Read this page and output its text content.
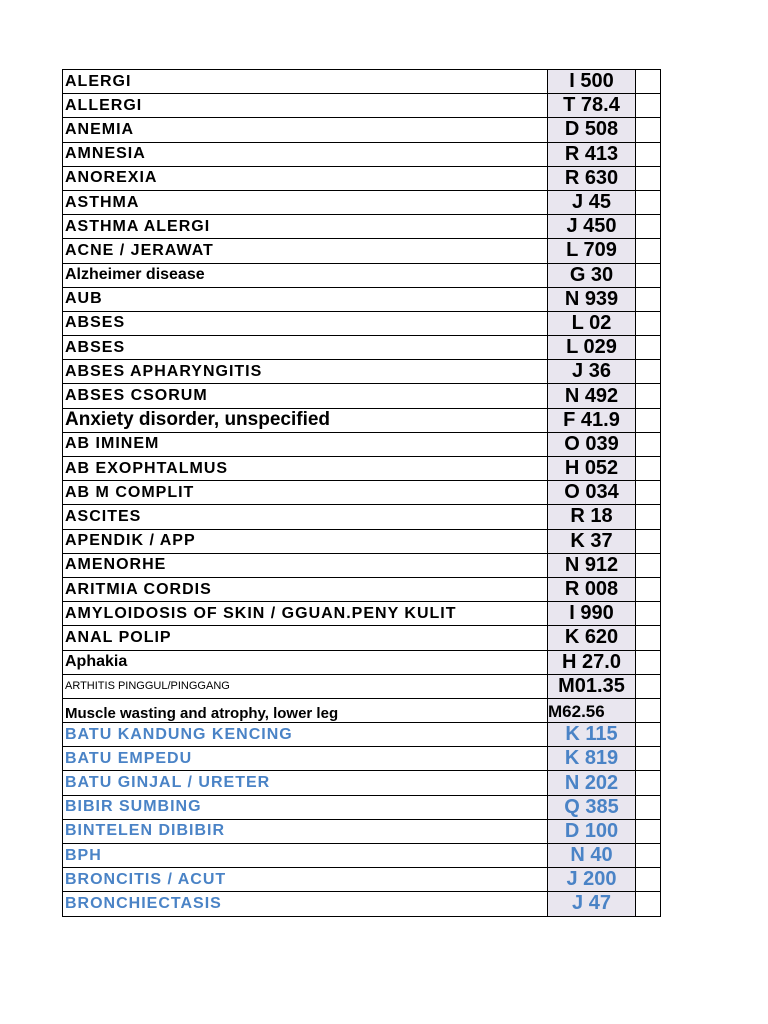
ALERGI	I 500	
ALLERGI	T 78.4	
ANEMIA	D 508	
AMNESIA	R 413	
ANOREXIA	R 630	
ASTHMA	J 45	
ASTHMA ALERGI	J 450	
ACNE / JERAWAT	L 709	
Alzheimer disease	G 30	
AUB	N 939	
ABSES	L 02	
ABSES	L 029	
ABSES APHARYNGITIS	J 36	
ABSES CSORUM	N 492	
Anxiety disorder, unspecified	F 41.9	
AB IMINEM	O 039	
AB EXOPHTALMUS	H 052	
AB M COMPLIT	O 034	
ASCITES	R 18	
APENDIK / APP	K 37	
AMENORHE	N 912	
ARITMIA CORDIS	R 008	
AMYLOIDOSIS OF SKIN / GGUAN.PENY KULIT	I 990	
ANAL POLIP	K 620	
Aphakia	H 27.0	
ARTHITIS PINGGUL/PINGGANG	M01.35	
Muscle wasting and atrophy, lower leg	M62.56	
BATU KANDUNG KENCING	K 115	
BATU EMPEDU	K 819	
BATU GINJAL / URETER	N 202	
BIBIR SUMBING	Q 385	
BINTELEN DIBIBIR	D 100	
BPH	N 40	
BRONCITIS / ACUT	J 200	
BRONCHIECTASIS	J 47	
